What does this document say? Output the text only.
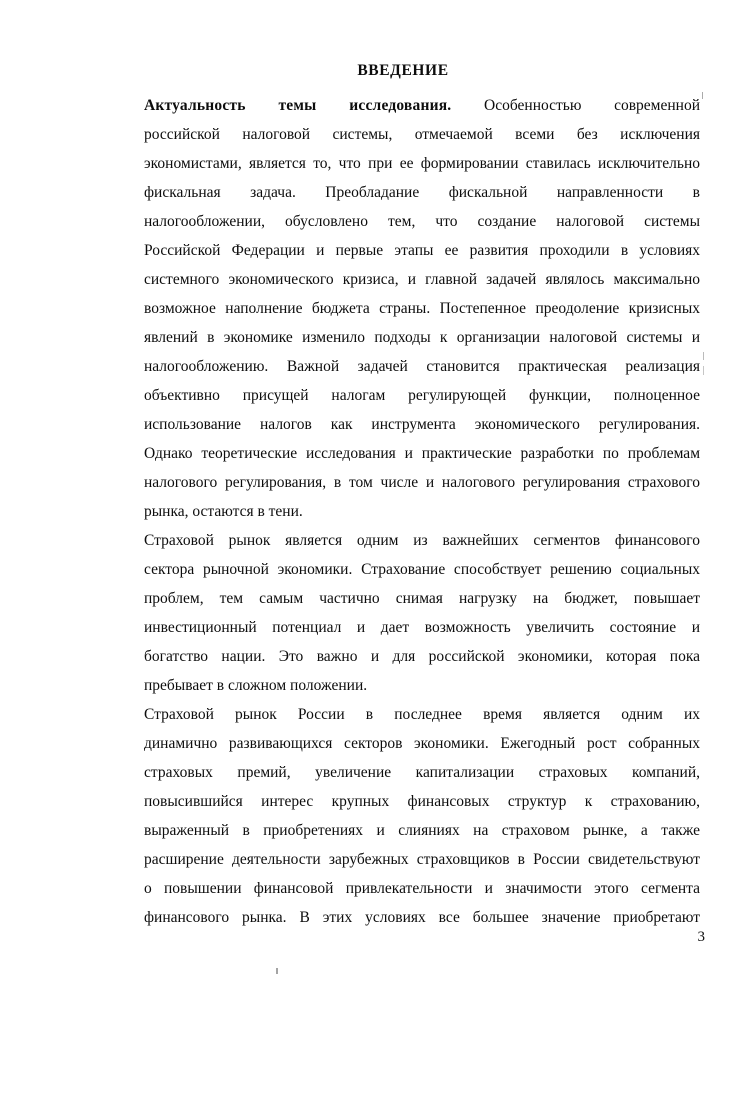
ВВЕДЕНИЕ
Актуальность темы исследования. Особенностью современной
российской налоговой системы, отмечаемой всеми без исключения
экономистами, является то, что при ее формировании ставилась исключительно
фискальная задача. Преобладание фискальной направленности в
налогообложении, обусловлено тем, что создание налоговой системы
Российской Федерации и первые этапы ее развития проходили в условиях
системного экономического кризиса, и главной задачей являлось максимально
возможное наполнение бюджета страны. Постепенное преодоление кризисных
явлений в экономике изменило подходы к организации налоговой системы и
налогообложению. Важной задачей становится практическая реализация
объективно присущей налогам регулирующей функции, полноценное
использование налогов как инструмента экономического регулирования.
Однако теоретические исследования и практические разработки по проблемам
налогового регулирования, в том числе и налогового регулирования страхового
рынка, остаются в тени.
Страховой рынок является одним из важнейших сегментов финансового
сектора рыночной экономики. Страхование способствует решению социальных
проблем, тем самым частично снимая нагрузку на бюджет, повышает
инвестиционный потенциал и дает возможность увеличить состояние и
богатство нации. Это важно и для российской экономики, которая пока
пребывает в сложном положении.
Страховой рынок России в последнее время является одним их
динамично развивающихся секторов экономики. Ежегодный рост собранных
страховых премий, увеличение капитализации страховых компаний,
повысившийся интерес крупных финансовых структур к страхованию,
выраженный в приобретениях и слияниях на страховом рынке, а также
расширение деятельности зарубежных страховщиков в России свидетельствуют
о повышении финансовой привлекательности и значимости этого сегмента
финансового рынка. В этих условиях все большее значение приобретают
3
